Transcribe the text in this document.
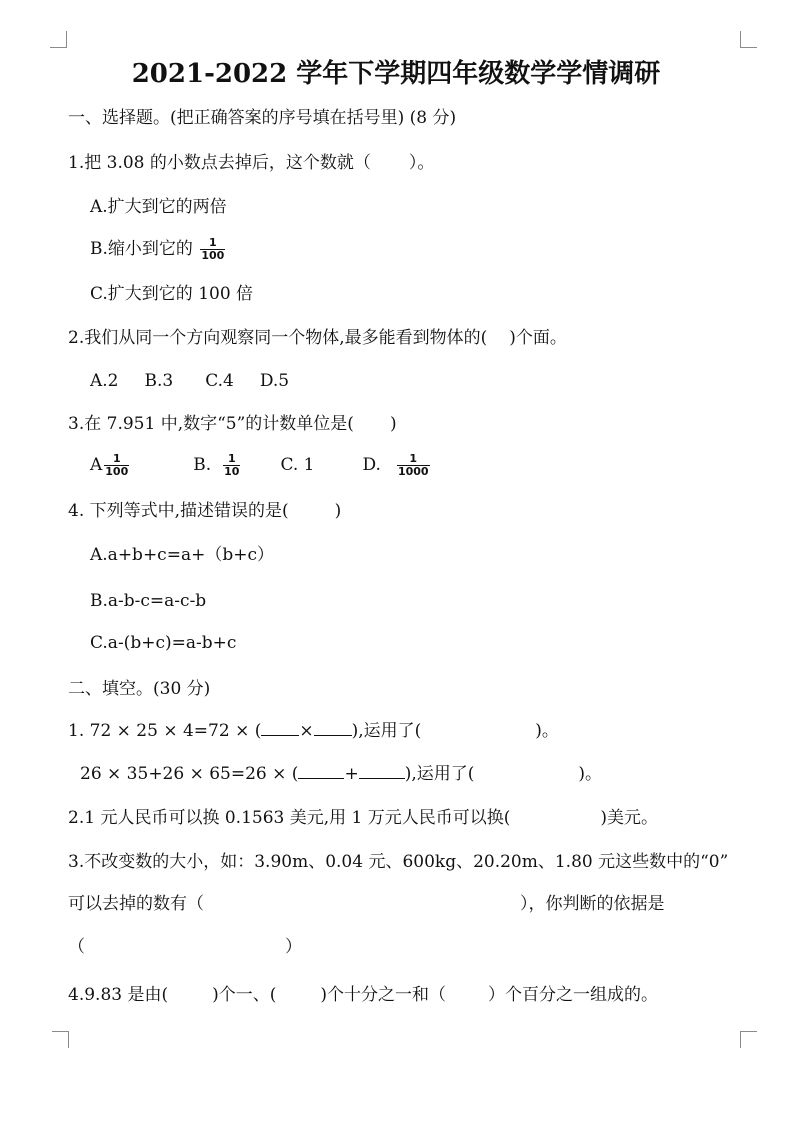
2021-2022 学年下学期四年级数学学情调研
一、选择题。(把正确答案的序号填在括号里) (8 分)
1.把 3.08 的小数点去掉后，这个数就（ ）。
A.扩大到它的两倍
B.缩小到它的 $\frac{1}{100}$
C.扩大到它的 100 倍
2.我们从同一个方向观察同一个物体,最多能看到物体的( )个面。
A.2 B.3 C.4 D.5
3.在 7.951 中,数字“5”的计数单位是( )
A $\frac{1}{100}$	B. $\frac{1}{10} C$. 1	D. $\frac{1}{1000}$
4. 下列等式中,描述错误的是(	)
A.a+b+c=a+（b+c）
B.a-b-c=a-c-b
C.a-(b+c)=a-b+c
二、填空。(30 分)
1. 72 × 25 × 4=72 × ( × ),运用了(	)。
26 × 35+26 × 65=26 × (	+	),运用了(	)。
2.1 元人民币可以换 0.1563 美元,用 1 万元人民币可以换(	)美元。
3.不改变数的大小，如：3.90m、0.04 元、600kg、20.20m、1.80 元这些数中的“0”
可以去掉的数有（	），你判断的依据是
（	）
4.9.83 是由(	)个一、(	)个十分之一和（ ）个百分之一组成的。
